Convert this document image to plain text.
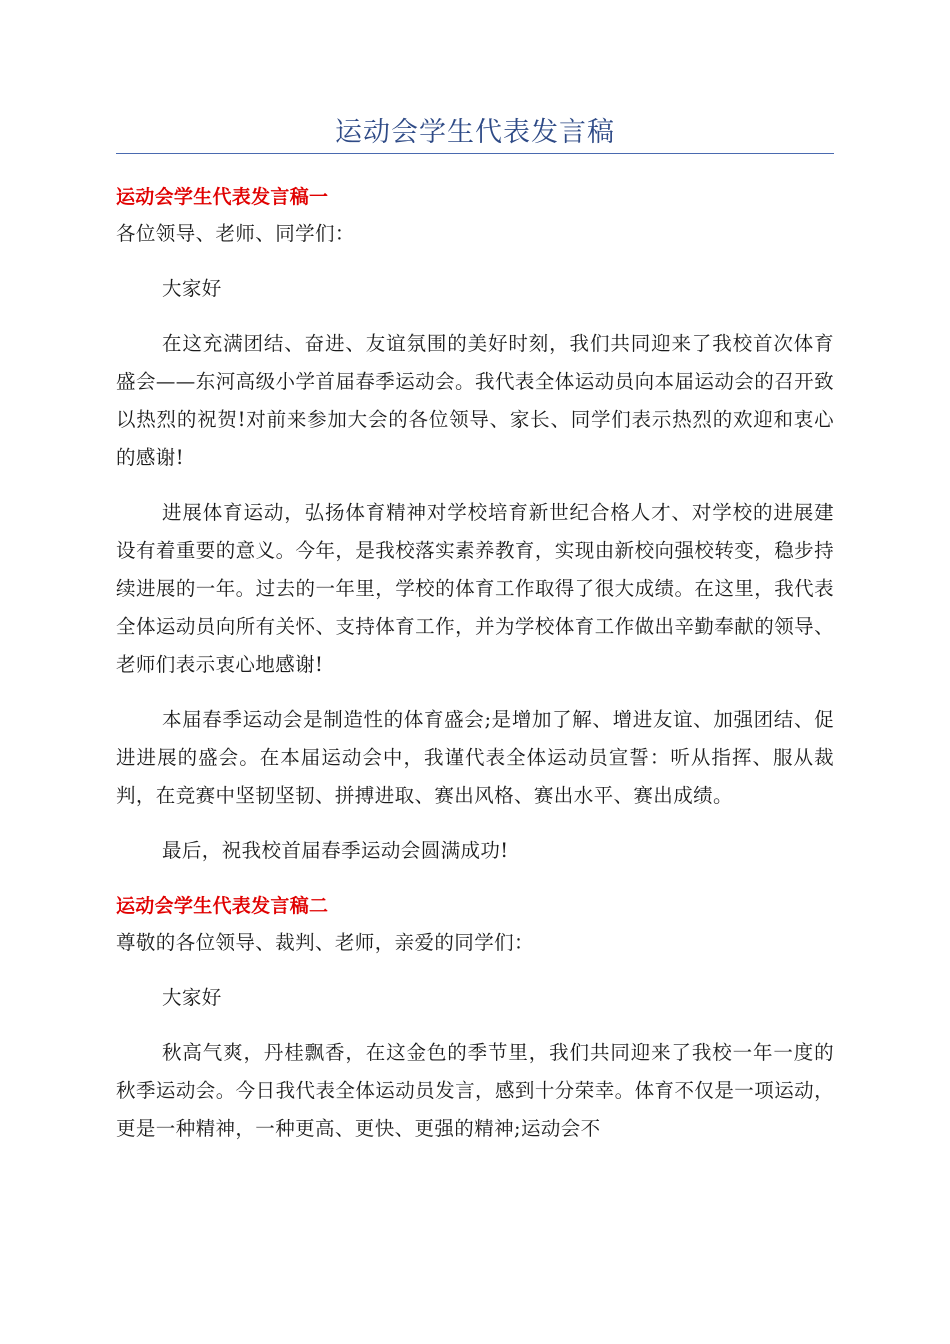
运动会学生代表发言稿
运动会学生代表发言稿一

各位领导、老师、同学们：

大家好

在这充满团结、奋进、友谊氛围的美好时刻，我们共同迎来了我校首次体育盛会——东河高级小学首届春季运动会。我代表全体运动员向本届运动会的召开致以热烈的祝贺!对前来参加大会的各位领导、家长、同学们表示热烈的欢迎和衷心的感谢!

进展体育运动，弘扬体育精神对学校培育新世纪合格人才、对学校的进展建设有着重要的意义。今年，是我校落实素养教育，实现由新校向强校转变，稳步持续进展的一年。过去的一年里，学校的体育工作取得了很大成绩。在这里，我代表全体运动员向所有关怀、支持体育工作，并为学校体育工作做出辛勤奉献的领导、老师们表示衷心地感谢!

本届春季运动会是制造性的体育盛会;是增加了解、增进友谊、加强团结、促进进展的盛会。在本届运动会中，我谨代表全体运动员宣誓：听从指挥、服从裁判，在竞赛中坚韧坚韧、拼搏进取、赛出风格、赛出水平、赛出成绩。

最后，祝我校首届春季运动会圆满成功!

运动会学生代表发言稿二

尊敬的各位领导、裁判、老师，亲爱的同学们：

大家好

秋高气爽，丹桂飘香，在这金色的季节里，我们共同迎来了我校一年一度的秋季运动会。今日我代表全体运动员发言，感到十分荣幸。体育不仅是一项运动，更是一种精神，一种更高、更快、更强的精神;运动会不
